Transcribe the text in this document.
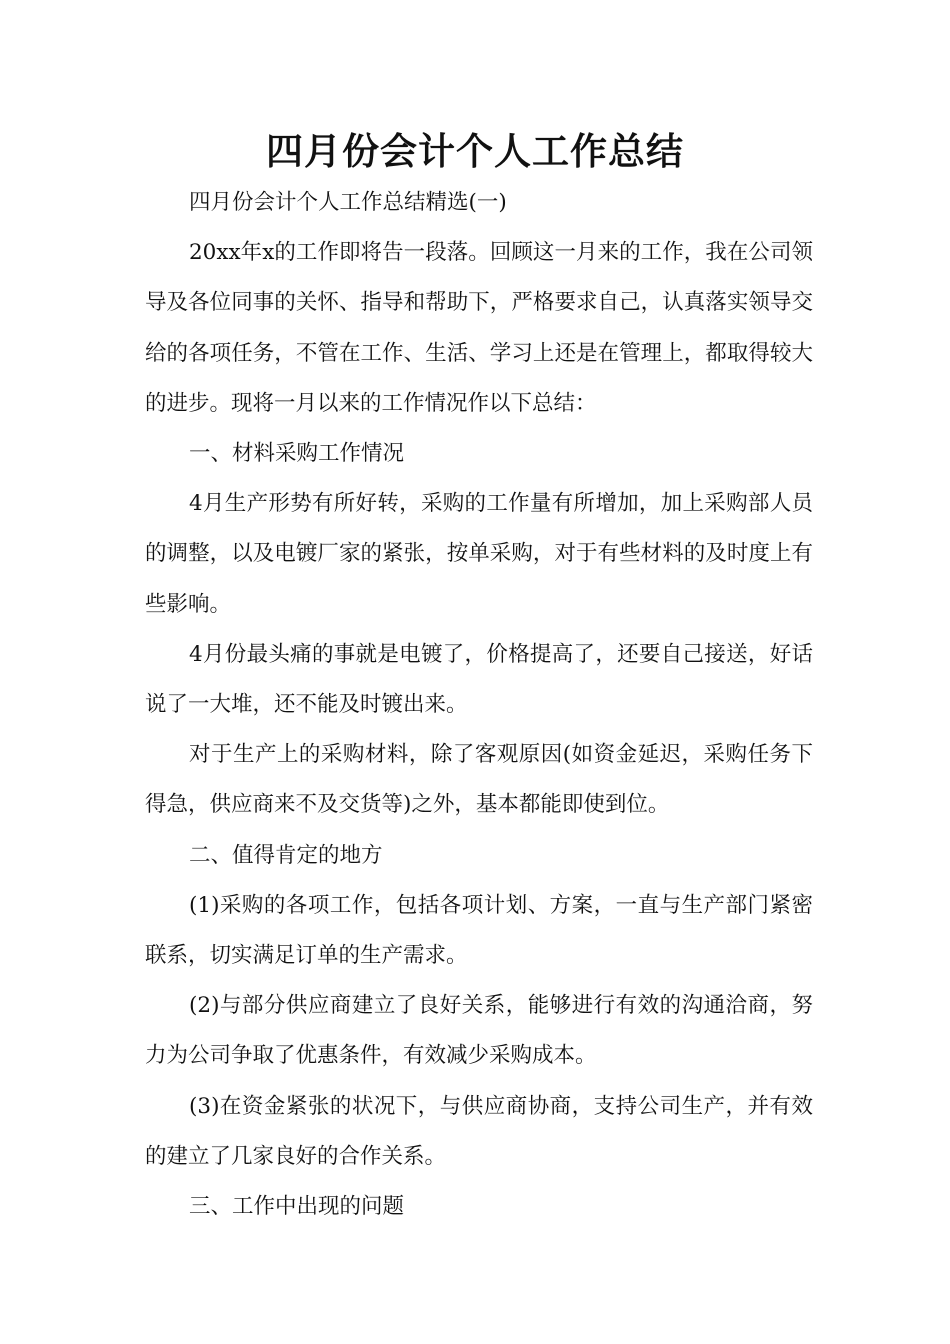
四月份会计个人工作总结

四月份会计个人工作总结精选(一)

20xx年x的工作即将告一段落。回顾这一月来的工作，我在公司领导及各位同事的关怀、指导和帮助下，严格要求自己，认真落实领导交给的各项任务，不管在工作、生活、学习上还是在管理上，都取得较大的进步。现将一月以来的工作情况作以下总结：

一、材料采购工作情况

4月生产形势有所好转，采购的工作量有所增加，加上采购部人员的调整，以及电镀厂家的紧张，按单采购，对于有些材料的及时度上有些影响。

4月份最头痛的事就是电镀了，价格提高了，还要自己接送，好话说了一大堆，还不能及时镀出来。

对于生产上的采购材料，除了客观原因(如资金延迟，采购任务下得急，供应商来不及交货等)之外，基本都能即使到位。

二、值得肯定的地方

(1)采购的各项工作，包括各项计划、方案，一直与生产部门紧密联系，切实满足订单的生产需求。

(2)与部分供应商建立了良好关系，能够进行有效的沟通洽商，努力为公司争取了优惠条件，有效减少采购成本。

(3)在资金紧张的状况下，与供应商协商，支持公司生产，并有效的建立了几家良好的合作关系。

三、工作中出现的问题
